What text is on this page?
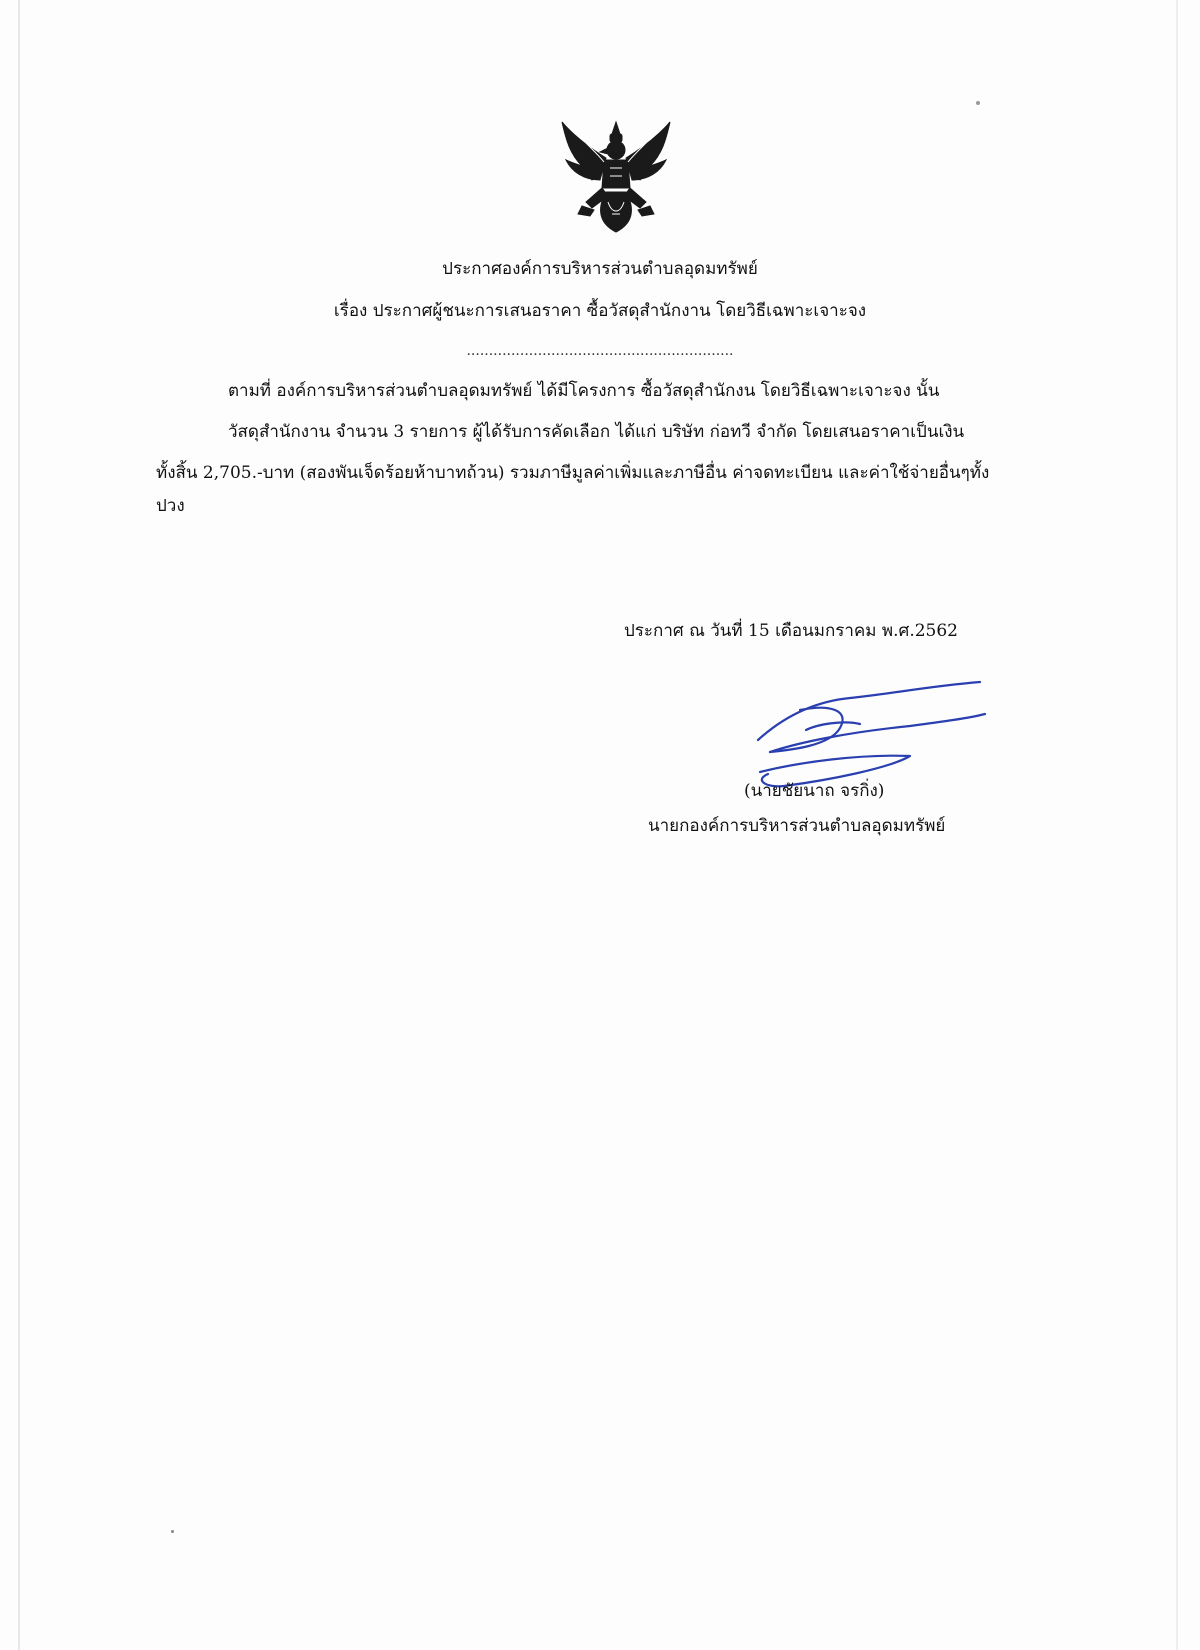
ประกาศองค์การบริหารส่วนตำบลอุดมทรัพย์
เรื่อง ประกาศผู้ชนะการเสนอราคา ซื้อวัสดุสำนักงาน โดยวิธีเฉพาะเจาะจง
............................................................
ตามที่ องค์การบริหารส่วนตำบลอุดมทรัพย์ ได้มีโครงการ ซื้อวัสดุสำนักงน โดยวิธีเฉพาะเจาะจง นั้น
วัสดุสำนักงาน จำนวน 3 รายการ ผู้ได้รับการคัดเลือก ได้แก่ บริษัท ก่อทวี จำกัด โดยเสนอราคาเป็นเงิน
ทั้งสิ้น 2,705.-บาท (สองพันเจ็ดร้อยห้าบาทถ้วน) รวมภาษีมูลค่าเพิ่มและภาษีอื่น ค่าจดทะเบียน และค่าใช้จ่ายอื่นๆทั้ง
ปวง
ประกาศ ณ วันที่ 15 เดือนมกราคม พ.ศ.2562
(นายชัยนาถ จรกิ่ง)
นายกองค์การบริหารส่วนตำบลอุดมทรัพย์
